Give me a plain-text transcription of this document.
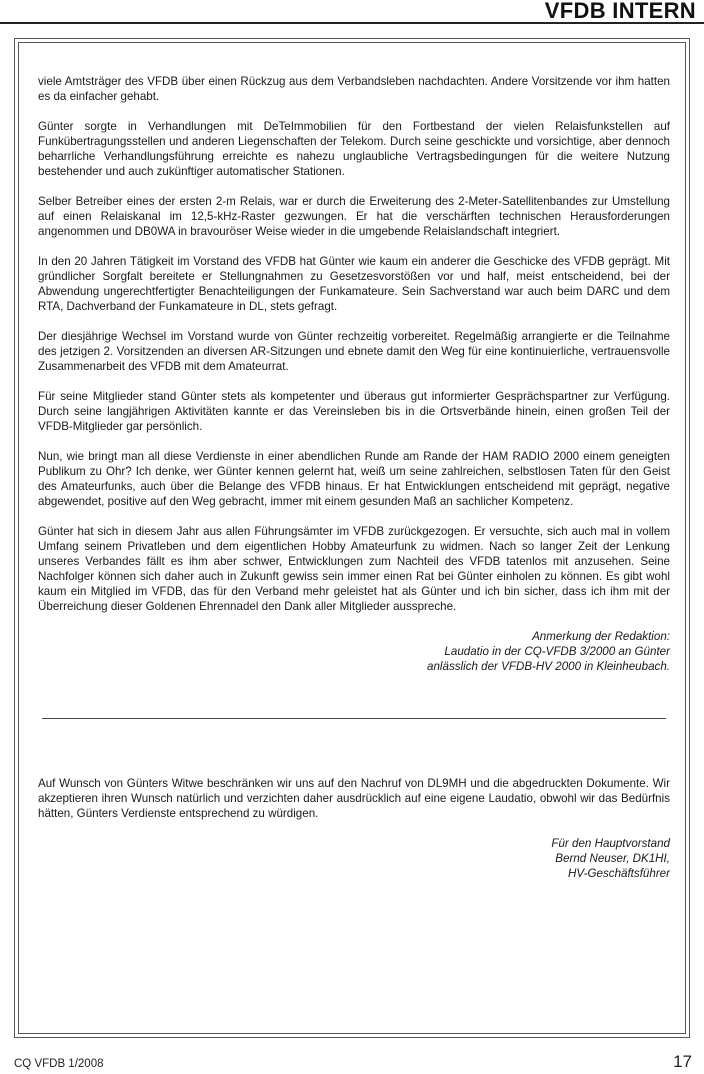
VFDB INTERN

viele Amtsträger des VFDB über einen Rückzug aus dem Verbandsleben nachdachten. Andere Vorsitzende vor ihm hatten es da einfacher gehabt.

Günter sorgte in Verhandlungen mit DeTeImmobilien für den Fortbestand der vielen Relaisfunkstellen auf Funkübertragungsstellen und anderen Liegenschaften der Telekom. Durch seine geschickte und vorsichtige, aber dennoch beharrliche Verhandlungsführung erreichte es nahezu unglaubliche Vertragsbedingungen für die weitere Nutzung bestehender und auch zukünftiger automatischer Stationen.

Selber Betreiber eines der ersten 2-m Relais, war er durch die Erweiterung des 2-Meter-Satellitenbandes zur Umstellung auf einen Relaiskanal im 12,5-kHz-Raster gezwungen. Er hat die verschärften technischen Herausforderungen angenommen und DB0WA in bravouröser Weise wieder in die umgebende Relaislandschaft integriert.

In den 20 Jahren Tätigkeit im Vorstand des VFDB hat Günter wie kaum ein anderer die Geschicke des VFDB geprägt. Mit gründlicher Sorgfalt bereitete er Stellungnahmen zu Gesetzesvorstößen vor und half, meist entscheidend, bei der Abwendung ungerechtfertigter Benachteiligungen der Funkamateure. Sein Sachverstand war auch beim DARC und dem RTA, Dachverband der Funkamateure in DL, stets gefragt.

Der diesjährige Wechsel im Vorstand wurde von Günter rechzeitig vorbereitet. Regelmäßig arrangierte er die Teilnahme des jetzigen 2. Vorsitzenden an diversen AR-Sitzungen und ebnete damit den Weg für eine kontinuierliche, vertrauensvolle Zusammenarbeit des VFDB mit dem Amateurrat.

Für seine Mitglieder stand Günter stets als kompetenter und überaus gut informierter Gesprächspartner zur Verfügung. Durch seine langjährigen Aktivitäten kannte er das Vereinsleben bis in die Ortsverbände hinein, einen großen Teil der VFDB-Mitglieder gar persönlich.

Nun, wie bringt man all diese Verdienste in einer abendlichen Runde am Rande der HAM RADIO 2000 einem geneigten Publikum zu Ohr? Ich denke, wer Günter kennen gelernt hat, weiß um seine zahlreichen, selbstlosen Taten für den Geist des Amateurfunks, auch über die Belange des VFDB hinaus. Er hat Entwicklungen entscheidend mit geprägt, negative abgewendet, positive auf den Weg gebracht, immer mit einem gesunden Maß an sachlicher Kompetenz.

Günter hat sich in diesem Jahr aus allen Führungsämter im VFDB zurückgezogen. Er versuchte, sich auch mal in vollem Umfang seinem Privatleben und dem eigentlichen Hobby Amateurfunk zu widmen. Nach so langer Zeit der Lenkung unseres Verbandes fällt es ihm aber schwer, Entwicklungen zum Nachteil des VFDB tatenlos mit anzusehen. Seine Nachfolger können sich daher auch in Zukunft gewiss sein immer einen Rat bei Günter einholen zu können. Es gibt wohl kaum ein Mitglied im VFDB, das für den Verband mehr geleistet hat als Günter und ich bin sicher, dass ich ihm mit der Überreichung dieser Goldenen Ehrennadel den Dank aller Mitglieder ausspreche.

Anmerkung der Redaktion:
Laudatio in der CQ-VFDB 3/2000 an Günter
anlässlich der VFDB-HV 2000 in Kleinheubach.

Auf Wunsch von Günters Witwe beschränken wir uns auf den Nachruf von DL9MH und die abgedruckten Dokumente. Wir akzeptieren ihren Wunsch natürlich und verzichten daher ausdrücklich auf eine eigene Laudatio, obwohl wir das Bedürfnis hätten, Günters Verdienste entsprechend zu würdigen.

Für den Hauptvorstand
Bernd Neuser, DK1HI,
HV-Geschäftsführer
CQ VFDB 1/2008	17
